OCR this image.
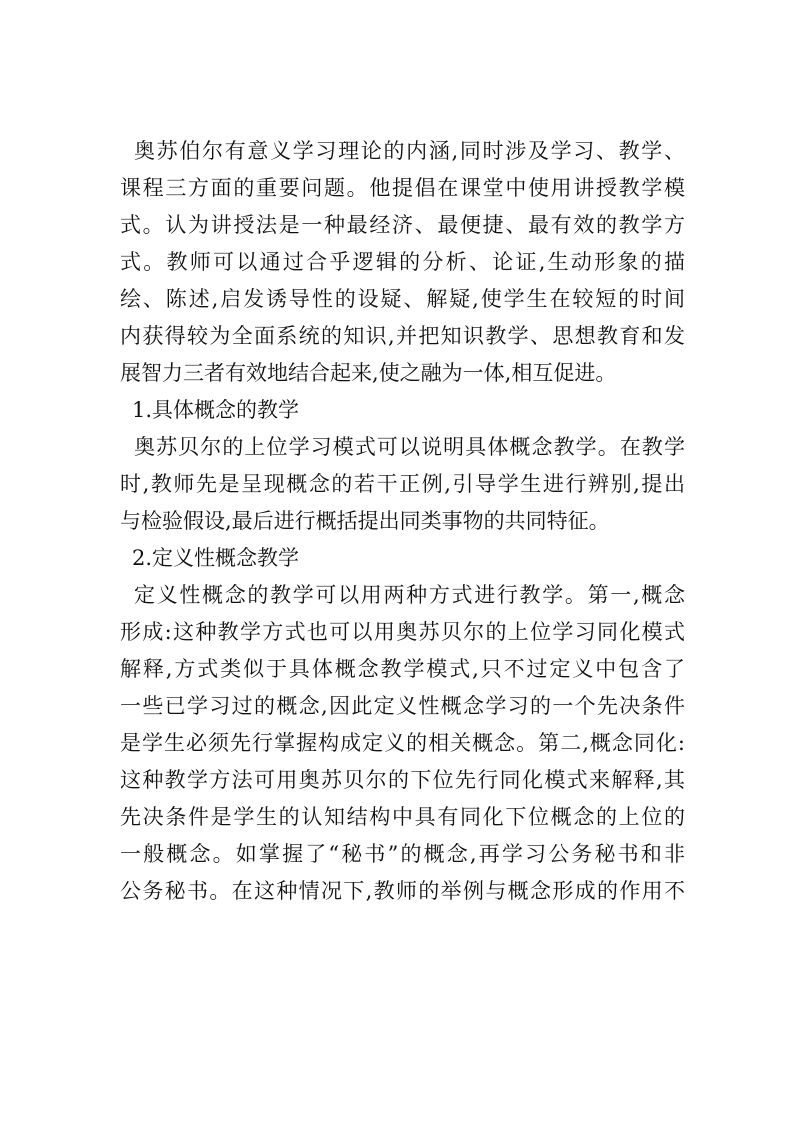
奥苏伯尔有意义学习理论的内涵,同时涉及学习、教学、
课程三方面的重要问题。他提倡在课堂中使用讲授教学模
式。认为讲授法是一种最经济、最便捷、最有效的教学方
式。教师可以通过合乎逻辑的分析、论证,生动形象的描
绘、陈述,启发诱导性的设疑、解疑,使学生在较短的时间
内获得较为全面系统的知识,并把知识教学、思想教育和发
展智力三者有效地结合起来,使之融为一体,相互促进。
1.具体概念的教学
奥苏贝尔的上位学习模式可以说明具体概念教学。在教学
时,教师先是呈现概念的若干正例,引导学生进行辨别,提出
与检验假设,最后进行概括提出同类事物的共同特征。
2.定义性概念教学
定义性概念的教学可以用两种方式进行教学。第一,概念
形成:这种教学方式也可以用奥苏贝尔的上位学习同化模式
解释,方式类似于具体概念教学模式,只不过定义中包含了
一些已学习过的概念,因此定义性概念学习的一个先决条件
是学生必须先行掌握构成定义的相关概念。第二,概念同化:
这种教学方法可用奥苏贝尔的下位先行同化模式来解释,其
先决条件是学生的认知结构中具有同化下位概念的上位的
一般概念。如掌握了“秘书”的概念,再学习公务秘书和非
公务秘书。在这种情况下,教师的举例与概念形成的作用不
